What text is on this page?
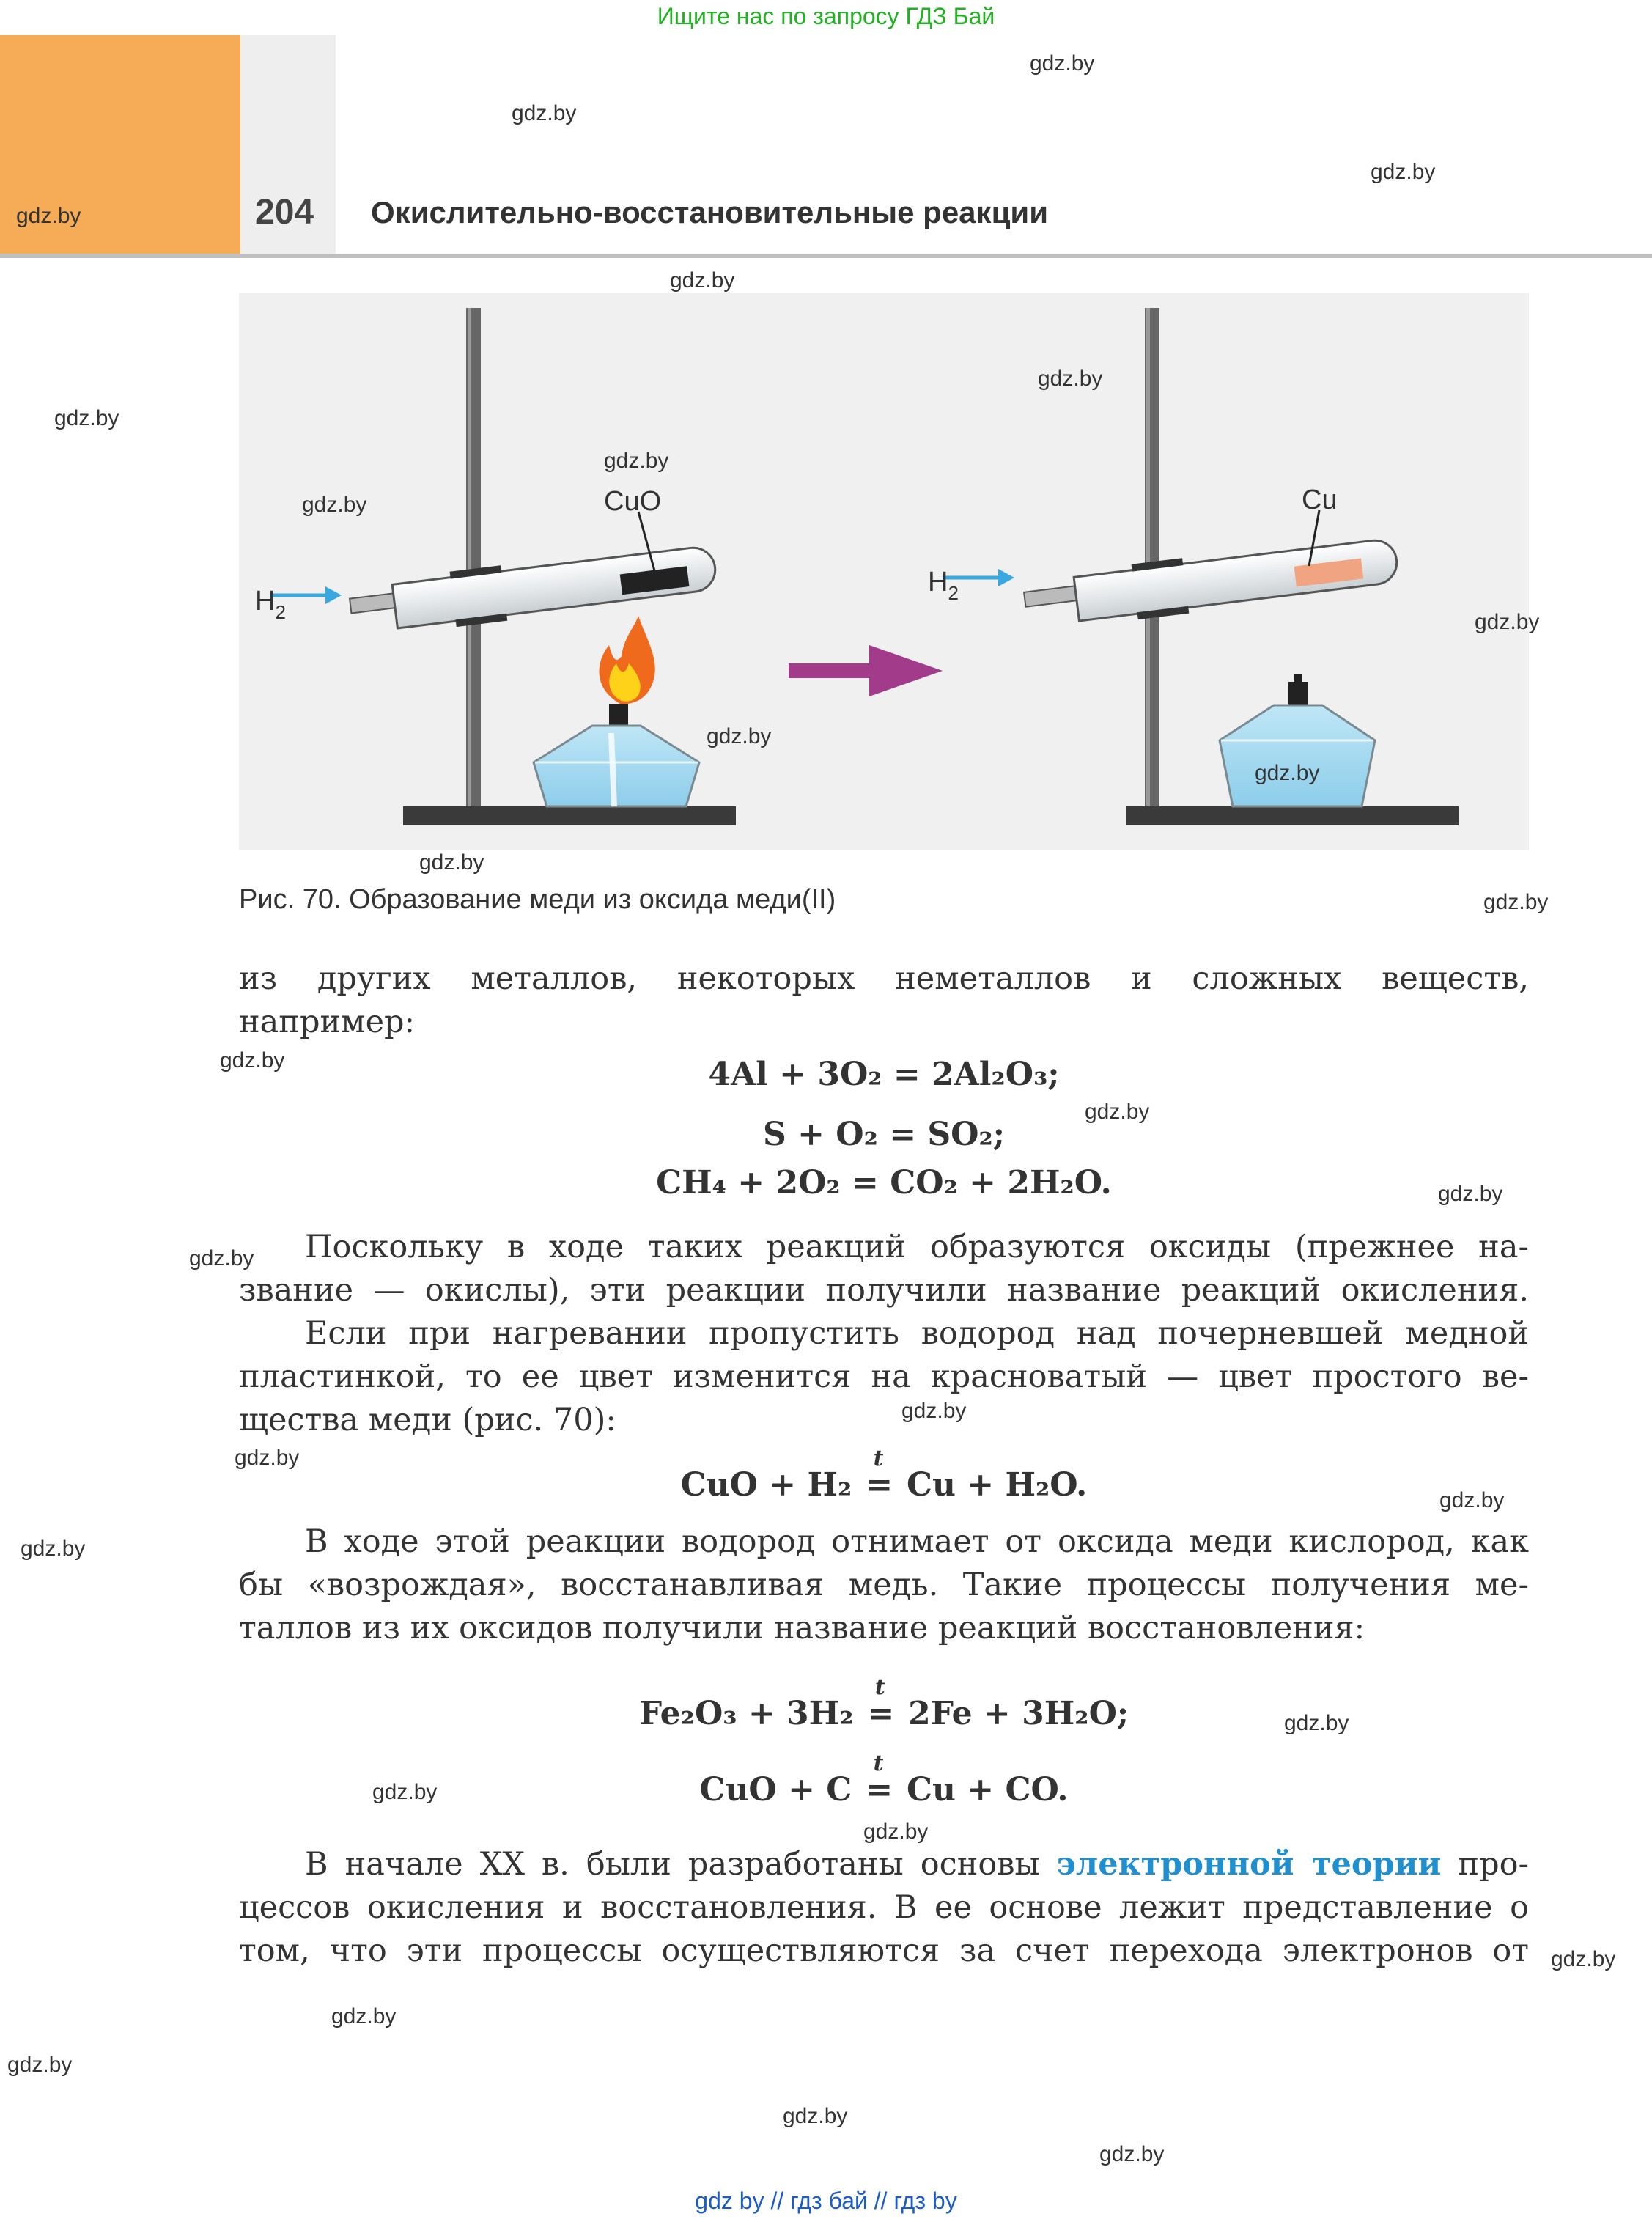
Ищите нас по запросу ГДЗ Бай
204 Окислительно-восстановительные реакции
gdz.by
gdz.by
gdz.by
gdz.by
gdz.by
gdz.by
$H_2$
CuO
$H_2$
Cu
gdz.by
gdz.by
gdz.by
gdz.by
gdz.by
gdz.by
gdz.by
gdz.by
Рис. 70. Образование меди из оксида меди(II)
из других металлов, некоторых неметаллов и сложных веществ,
например:
gdz.by	4Al + 3O₂ = 2Al₂O₃;
gdz.by
S + O₂ = SO₂;
CH₄ + 2O₂ = CO₂ + 2H₂O.	gdz.by
gdz.by	Поскольку в ходе таких реакций образуются оксиды (прежнее на-
звание — окислы), эти реакции получили название реакций окисления.
Если при нагревании пропустить водород над почерневшей медной
пластинкой, то ее цвет изменится на красноватый — цвет простого ве-
щества меди (рис. 70):	gdz.by
gdz.by
CuO + H₂ =
t
Cu + H₂O.	gdz.by
gdz.by	В ходе этой реакции водород отнимает от оксида меди кислород, как
бы «возрождая», восстанавливая медь. Такие процессы получения ме-
таллов из их оксидов получили название реакций восстановления:
Fe₂O₃ + 3H₂ =
t
2Fe + 3H₂O;	gdz.by
gdz.by	CuO + C =
t
Cu + CO.
gdz.by
В начале XX в. были разработаны основы электронной теории про-
цессов окисления и восстановления. В ее основе лежит представление о
том, что эти процессы осуществляются за счет перехода электронов от gdz.by
gdz.by
gdz.by
gdz.by
gdz.by
gdz by // гдз бай // гдз by
